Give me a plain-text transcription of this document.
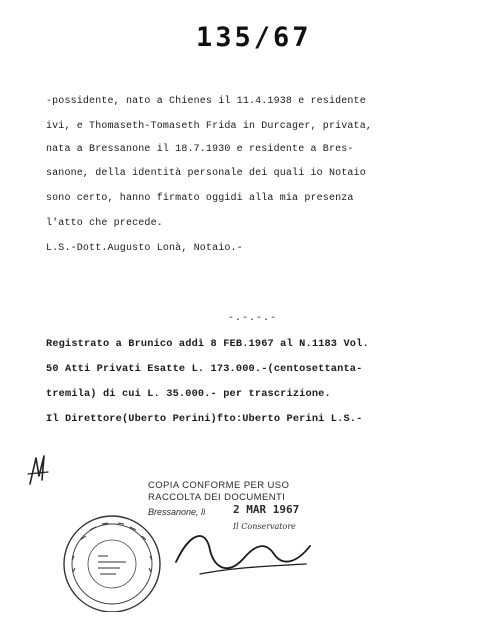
135/67
-possidente, nato a Chienes il 11.4.1938 e residente
ivi, e Thomaseth-Tomaseth Frida in Durcager, privata,
nata a Bressanone il 18.7.1930 e residente a Bres-
sanone, della identità personale dei quali io Notaio
sono certo, hanno firmato oggidi alla mia presenza
l'atto che precede.
L.S.-Dott.Augusto Lonà, Notaio.-
-.-.-.-
Registrato a Brunico addì 8 FEB.1967 al N.1183 Vol.
50 Atti Privati Esatte L. 173.000.-(centosettanta-
tremila) di cui L. 35.000.- per trascrizione.
Il Direttore(Uberto Perini)fto:Uberto Perini L.S.-
COPIA CONFORME PER USO
RACCOLTA DEI DOCUMENTI
Bressanone, lì 2 MAR 1967
Il Conservatore
